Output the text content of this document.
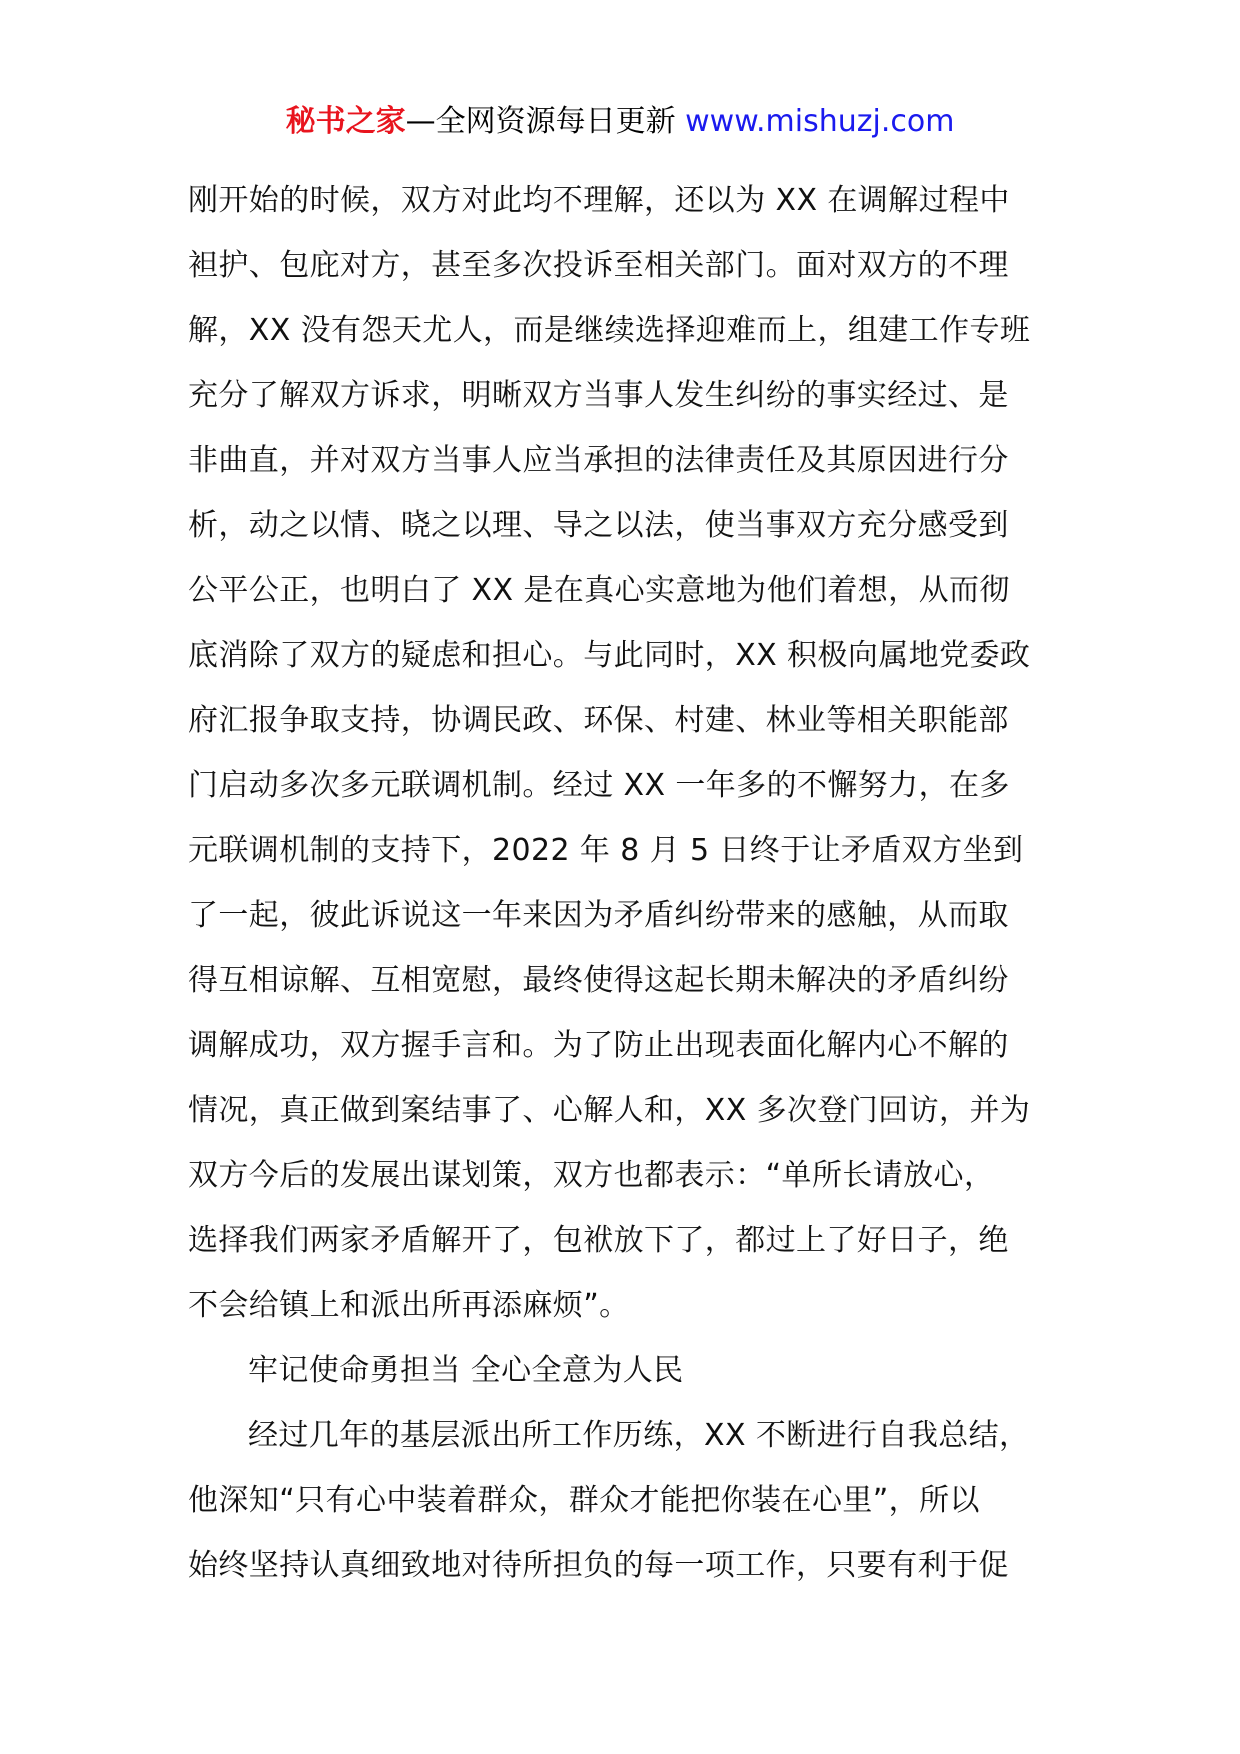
秘书之家—全网资源每日更新 www.mishuzj.com
刚开始的时候，双方对此均不理解，还以为 XX 在调解过程中
袒护、包庇对方，甚至多次投诉至相关部门。面对双方的不理
解，XX 没有怨天尤人，而是继续选择迎难而上，组建工作专班
充分了解双方诉求，明晰双方当事人发生纠纷的事实经过、是
非曲直，并对双方当事人应当承担的法律责任及其原因进行分
析，动之以情、晓之以理、导之以法，使当事双方充分感受到
公平公正，也明白了 XX 是在真心实意地为他们着想，从而彻
底消除了双方的疑虑和担心。与此同时，XX 积极向属地党委政
府汇报争取支持，协调民政、环保、村建、林业等相关职能部
门启动多次多元联调机制。经过 XX 一年多的不懈努力，在多
元联调机制的支持下，2022 年 8 月 5 日终于让矛盾双方坐到
了一起，彼此诉说这一年来因为矛盾纠纷带来的感触，从而取
得互相谅解、互相宽慰，最终使得这起长期未解决的矛盾纠纷
调解成功，双方握手言和。为了防止出现表面化解内心不解的
情况，真正做到案结事了、心解人和，XX 多次登门回访，并为
双方今后的发展出谋划策，双方也都表示：“单所长请放心，
选择我们两家矛盾解开了，包袱放下了，都过上了好日子，绝
不会给镇上和派出所再添麻烦”。
牢记使命勇担当 全心全意为人民
经过几年的基层派出所工作历练，XX 不断进行自我总结，
他深知“只有心中装着群众，群众才能把你装在心里”，所以
始终坚持认真细致地对待所担负的每一项工作，只要有利于促
